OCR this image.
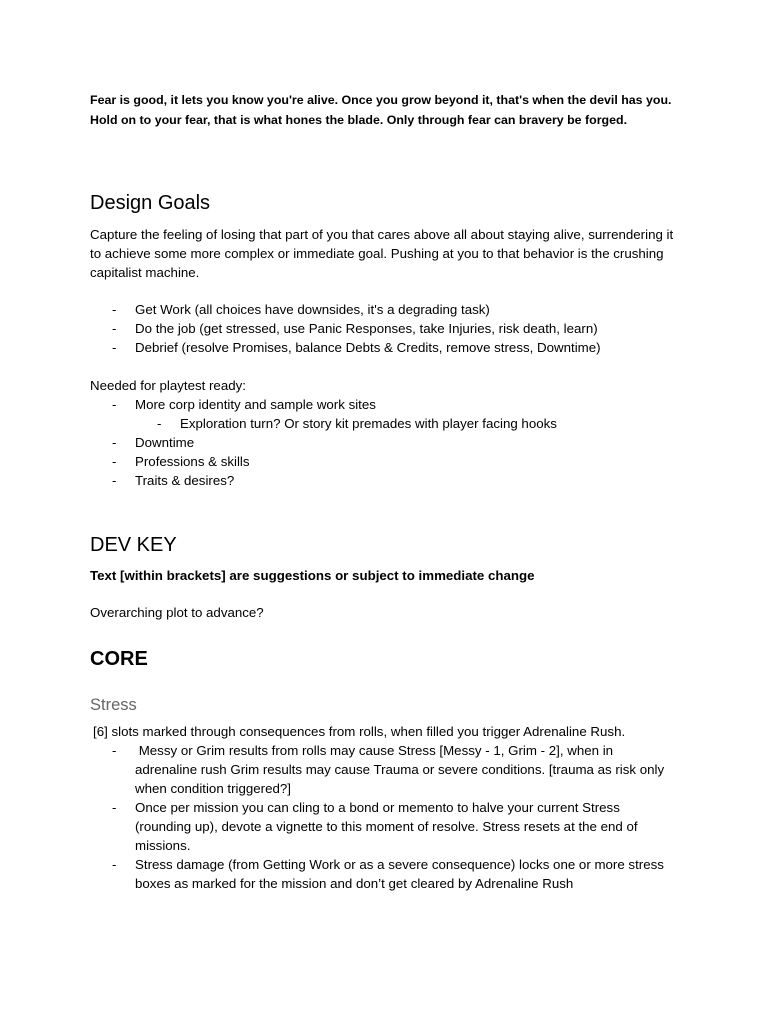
Fear is good, it lets you know you're alive. Once you grow beyond it, that's when the devil has you. Hold on to your fear, that is what hones the blade. Only through fear can bravery be forged.
Design Goals
Capture the feeling of losing that part of you that cares above all about staying alive, surrendering it to achieve some more complex or immediate goal. Pushing at you to that behavior is the crushing capitalist machine.
- Get Work (all choices have downsides, it's a degrading task)
- Do the job (get stressed, use Panic Responses, take Injuries, risk death, learn)
- Debrief (resolve Promises, balance Debts & Credits, remove stress, Downtime)
Needed for playtest ready:
- More corp identity and sample work sites
- Exploration turn? Or story kit premades with player facing hooks
- Downtime
- Professions & skills
- Traits & desires?
DEV KEY
Text [within brackets] are suggestions or subject to immediate change
Overarching plot to advance?
CORE
Stress
[6] slots marked through consequences from rolls, when filled you trigger Adrenaline Rush.
- Messy or Grim results from rolls may cause Stress [Messy - 1, Grim - 2], when in adrenaline rush Grim results may cause Trauma or severe conditions. [trauma as risk only when condition triggered?]
- Once per mission you can cling to a bond or memento to halve your current Stress (rounding up), devote a vignette to this moment of resolve. Stress resets at the end of missions.
- Stress damage (from Getting Work or as a severe consequence) locks one or more stress boxes as marked for the mission and don’t get cleared by Adrenaline Rush
